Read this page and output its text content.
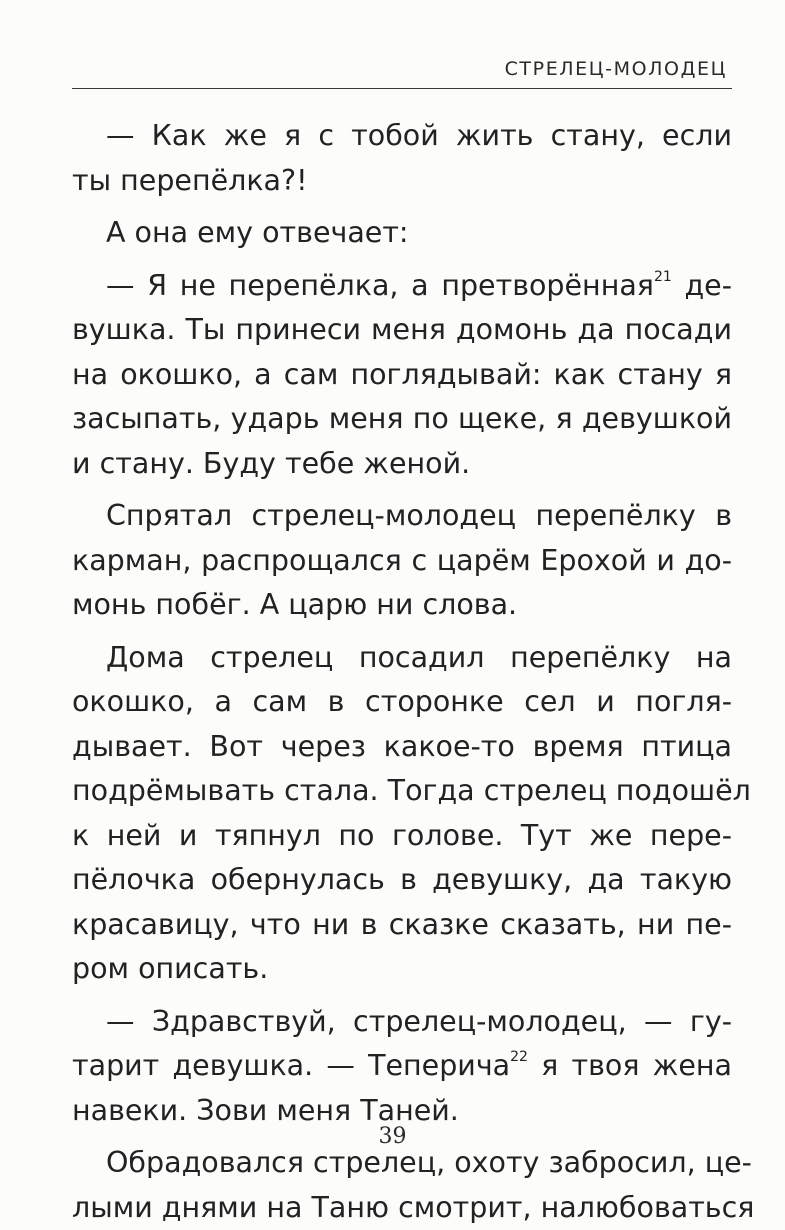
СТРЕЛЕЦ-МОЛОДЕЦ
— Как же я с тобой жить стану, если
ты перепёлка?!
А она ему отвечает:
— Я не перепёлка, а претворённая$^{21}$ де-
вушка. Ты принеси меня домонь да посади
на окошко, а сам поглядывай: как стану я
засыпать, ударь меня по щеке, я девушкой
и стану. Буду тебе женой.
Спрятал стрелец-молодец перепёлку в
карман, распрощался с царём Ерохой и до-
монь побёг. А царю ни слова.
Дома стрелец посадил перепёлку на
окошко, а сам в сторонке сел и погля-
дывает. Вот через какое-то время птица
подрёмывать стала. Тогда стрелец подошёл
к ней и тяпнул по голове. Тут же пере-
пёлочка обернулась в девушку, да такую
красавицу, что ни в сказке сказать, ни пе-
ром описать.
— Здравствуй, стрелец-молодец, — гу-
тарит девушка. — Теперича$^{22}$ я твоя жена
навеки. Зови меня Таней.
Обрадовался стрелец, охоту забросил, це-
лыми днями на Таню смотрит, налюбоваться
39
